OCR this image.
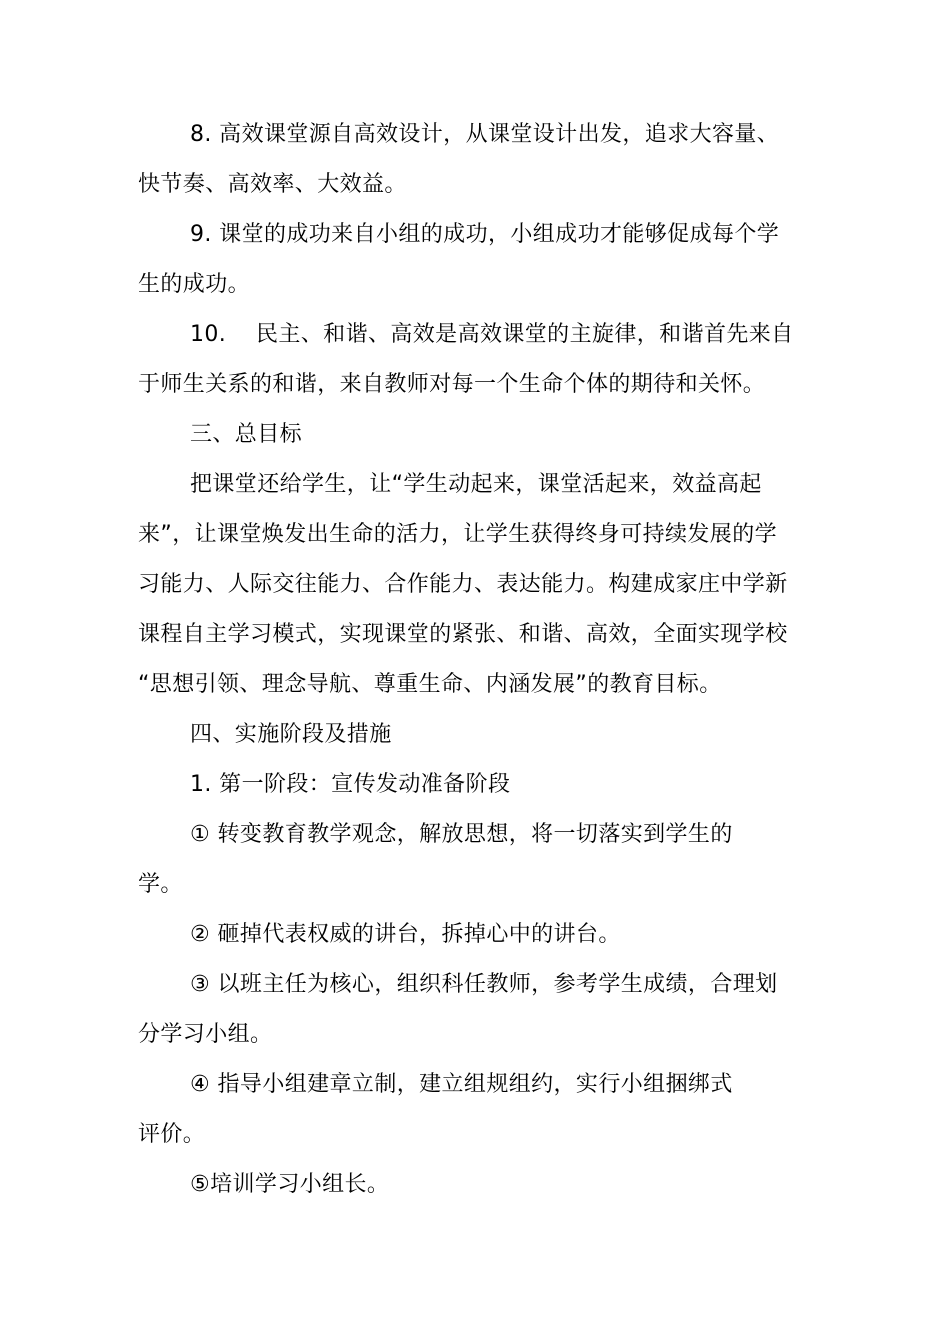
8. 高效课堂源自高效设计，从课堂设计出发，追求大容量、
快节奏、高效率、大效益。
9. 课堂的成功来自小组的成功，小组成功才能够促成每个学
生的成功。
10.　 民主、和谐、高效是高效课堂的主旋律，和谐首先来自
于师生关系的和谐，来自教师对每一个生命个体的期待和关怀。
三、总目标
把课堂还给学生，让“学生动起来，课堂活起来，效益高起
来”，让课堂焕发出生命的活力，让学生获得终身可持续发展的学
习能力、人际交往能力、合作能力、表达能力。构建成家庄中学新
课程自主学习模式，实现课堂的紧张、和谐、高效，全面实现学校
“思想引领、理念导航、尊重生命、内涵发展”的教育目标。
四、实施阶段及措施
1. 第一阶段：宣传发动准备阶段
① 转变教育教学观念，解放思想，将一切落实到学生的
学。
② 砸掉代表权威的讲台，拆掉心中的讲台。
③ 以班主任为核心，组织科任教师，参考学生成绩，合理划
分学习小组。
④ 指导小组建章立制，建立组规组约，实行小组捆绑式
评价。
⑤培训学习小组长。
